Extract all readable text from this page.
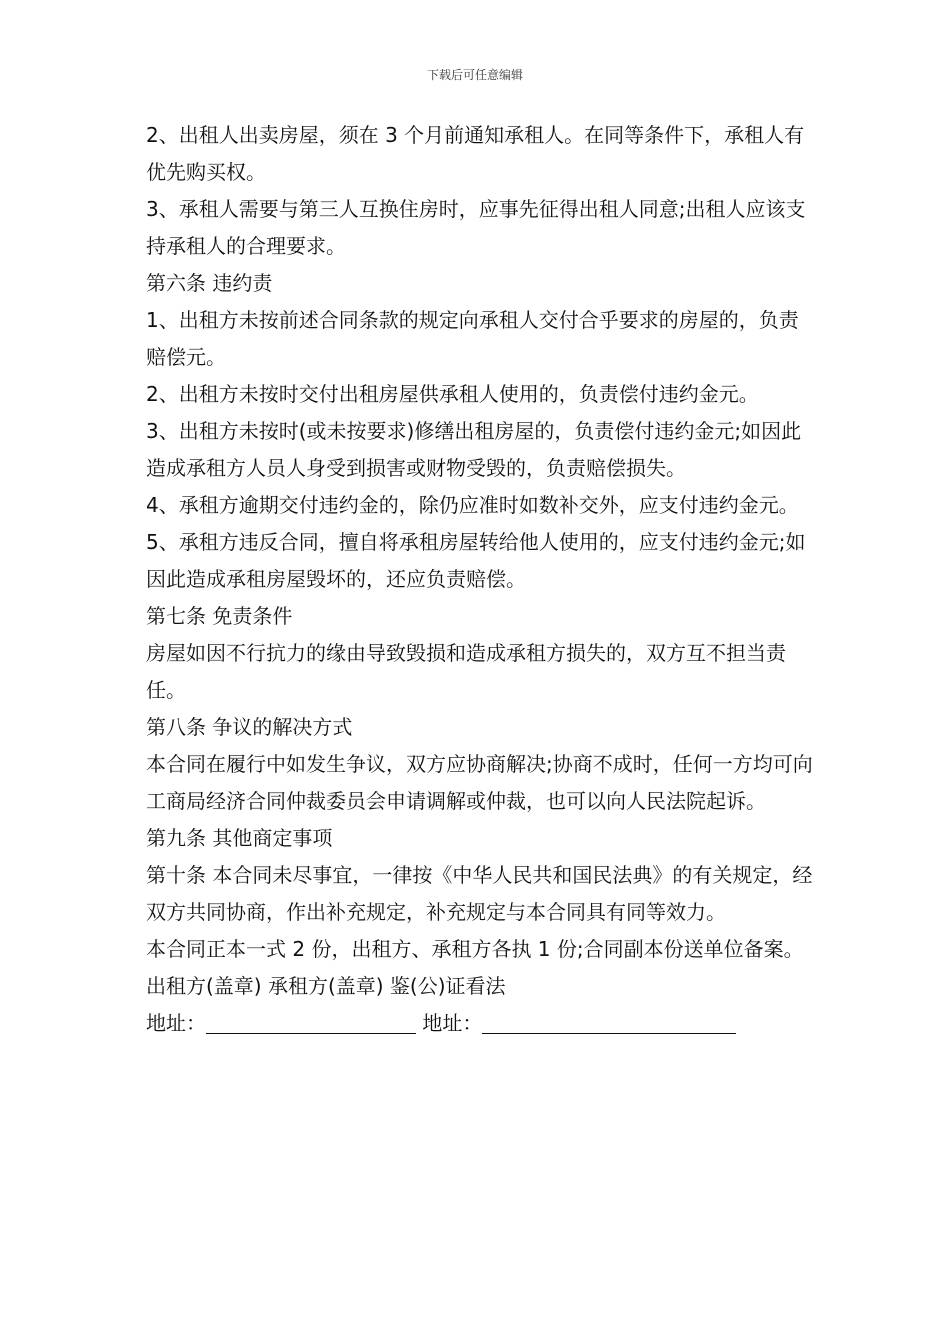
下载后可任意编辑

2、出租人出卖房屋，须在 3 个月前通知承租人。在同等条件下，承租人有优先购买权。

3、承租人需要与第三人互换住房时，应事先征得出租人同意;出租人应该支持承租人的合理要求。

第六条 违约责

1、出租方未按前述合同条款的规定向承租人交付合乎要求的房屋的，负责赔偿元。

2、出租方未按时交付出租房屋供承租人使用的，负责偿付违约金元。

3、出租方未按时(或未按要求)修缮出租房屋的，负责偿付违约金元;如因此造成承租方人员人身受到损害或财物受毁的，负责赔偿损失。

4、承租方逾期交付违约金的，除仍应准时如数补交外，应支付违约金元。

5、承租方违反合同，擅自将承租房屋转给他人使用的，应支付违约金元;如因此造成承租房屋毁坏的，还应负责赔偿。

第七条 免责条件

房屋如因不行抗力的缘由导致毁损和造成承租方损失的，双方互不担当责任。

第八条 争议的解决方式

本合同在履行中如发生争议，双方应协商解决;协商不成时，任何一方均可向工商局经济合同仲裁委员会申请调解或仲裁，也可以向人民法院起诉。

第九条 其他商定事项

第十条 本合同未尽事宜，一律按《中华人民共和国民法典》的有关规定，经双方共同协商，作出补充规定，补充规定与本合同具有同等效力。

本合同正本一式 2 份，出租方、承租方各执 1 份;合同副本份送单位备案。

出租方(盖章) 承租方(盖章) 鉴(公)证看法

地址：	地址：
